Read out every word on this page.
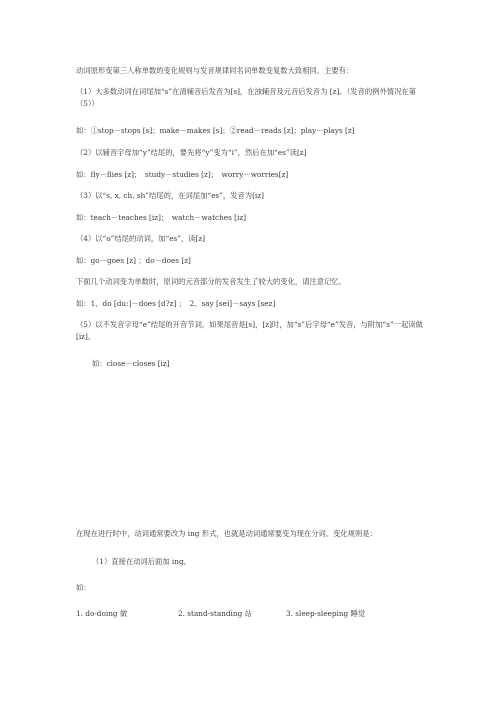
动词原形变第三人称单数的变化规则与发音规律同名词单数变复数大致相同。主要有：
（1）大多数动词在词尾加“s”在清辅音后发音为[s]，在浊辅音及元音后发音为 [z]。（发音的例外情况在第（5））
如：①stop－stops [s]；make－makes [s]；②read－reads [z]；play－plays [z]
（2）以辅音字母加“y”结尾的，要先将“y”变为“i”，然后在加“es”读[z]
如：fly－flies [z]；　study－studies [z]；　worry－worries[z]
（3）以“s, x, ch, sh”结尾的，在词尾加“es”，发音为[iz]
如：teach－teaches [iz]；　watch－watches [iz]
（4）以“o”结尾的动词，加“es”，读[z]
如：go－goes [z] ；do－does [z]
下面几个动词变为单数时，原词的元音部分的发音发生了较大的变化，请注意记忆。
如：1、do [du:]－does [d?z] ；　2、say [sei]－says [sez]
（5）以不发音字母“e”结尾的开音节词，如果尾音是[s]，[z]时，加“s”后字母“e”发音，与附加“s”一起读做[iz]。
如：close－closes [iz]
在现在进行时中，动词通常要改为 ing 形式，也就是动词通常要变为现在分词。变化规则是：
（1）直接在动词后面加 ing。
如：
1. do-doing 做	2. stand-standing 站	3. sleep-sleeping 睡觉
